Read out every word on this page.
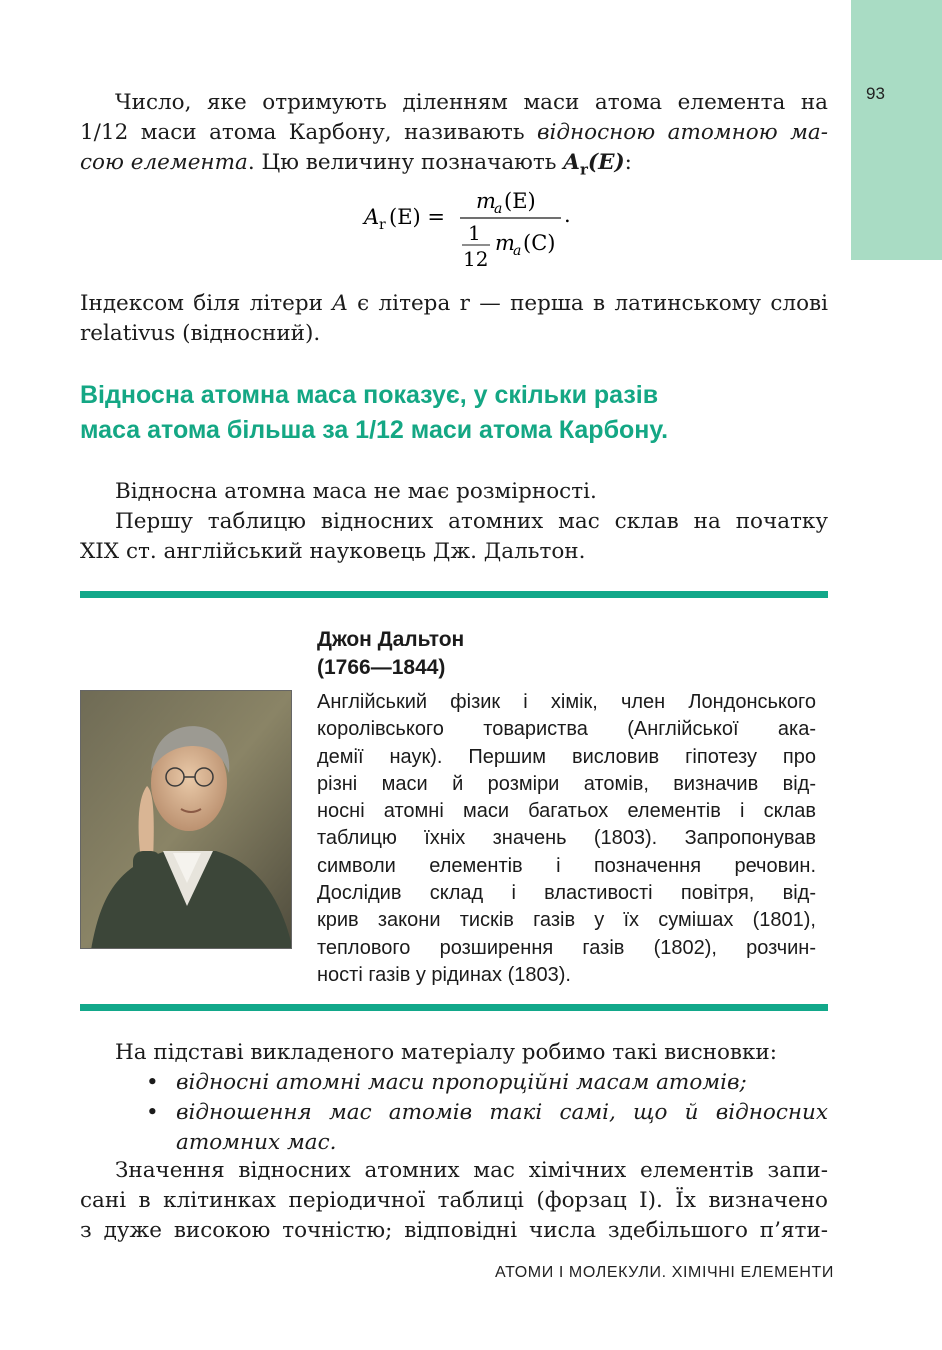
93
Число, яке отримують діленням маси атома елемента на
1/12 маси атома Карбону, називають відносною атомною ма-
сою елемента. Цю величину позначають $A_r(E)$:
A r (E) =
m
a (E)
1
12
m
a (C)
.
Індексом біля літери A є літера r — перша в латинському слові
relativus (відносний).
Відносна атомна маса показує, у скільки разів
маса атома більша за 1/12 маси атома Карбону.
Відносна атомна маса не має розмірності.
Першу таблицю відносних атомних мас склав на початку
XIX ст. англійський науковець Дж. Дальтон.
Джон Дальтон
(1766—1844)
Англійський фізик і хімік, член Лондонського
королівського товариства (Англійської ака-
демії наук). Першим висловив гіпотезу про
різні маси й розміри атомів, визначив від-
носні атомні маси багатьох елементів і склав
таблицю їхніх значень (1803). Запропонував
символи елементів і позначення речовин.
Дослідив склад і властивості повітря, від-
крив закони тисків газів у їх сумішах (1801),
теплового розширення газів (1802), розчин-
ності газів у рідинах (1803).
На підставі викладеного матеріалу робимо такі висновки:
• відносні атомні маси пропорційні масам атомів;
• відношення мас атомів такі самі, що й відносних
атомних мас.
Значення відносних атомних мас хімічних елементів запи-
сані в клітинках періодичної таблиці (форзац I). Їх визначено
з дуже високою точністю; відповідні числа здебільшого п’яти-
АТОМИ І МОЛЕКУЛИ. ХІМІЧНІ ЕЛЕМЕНТИ
